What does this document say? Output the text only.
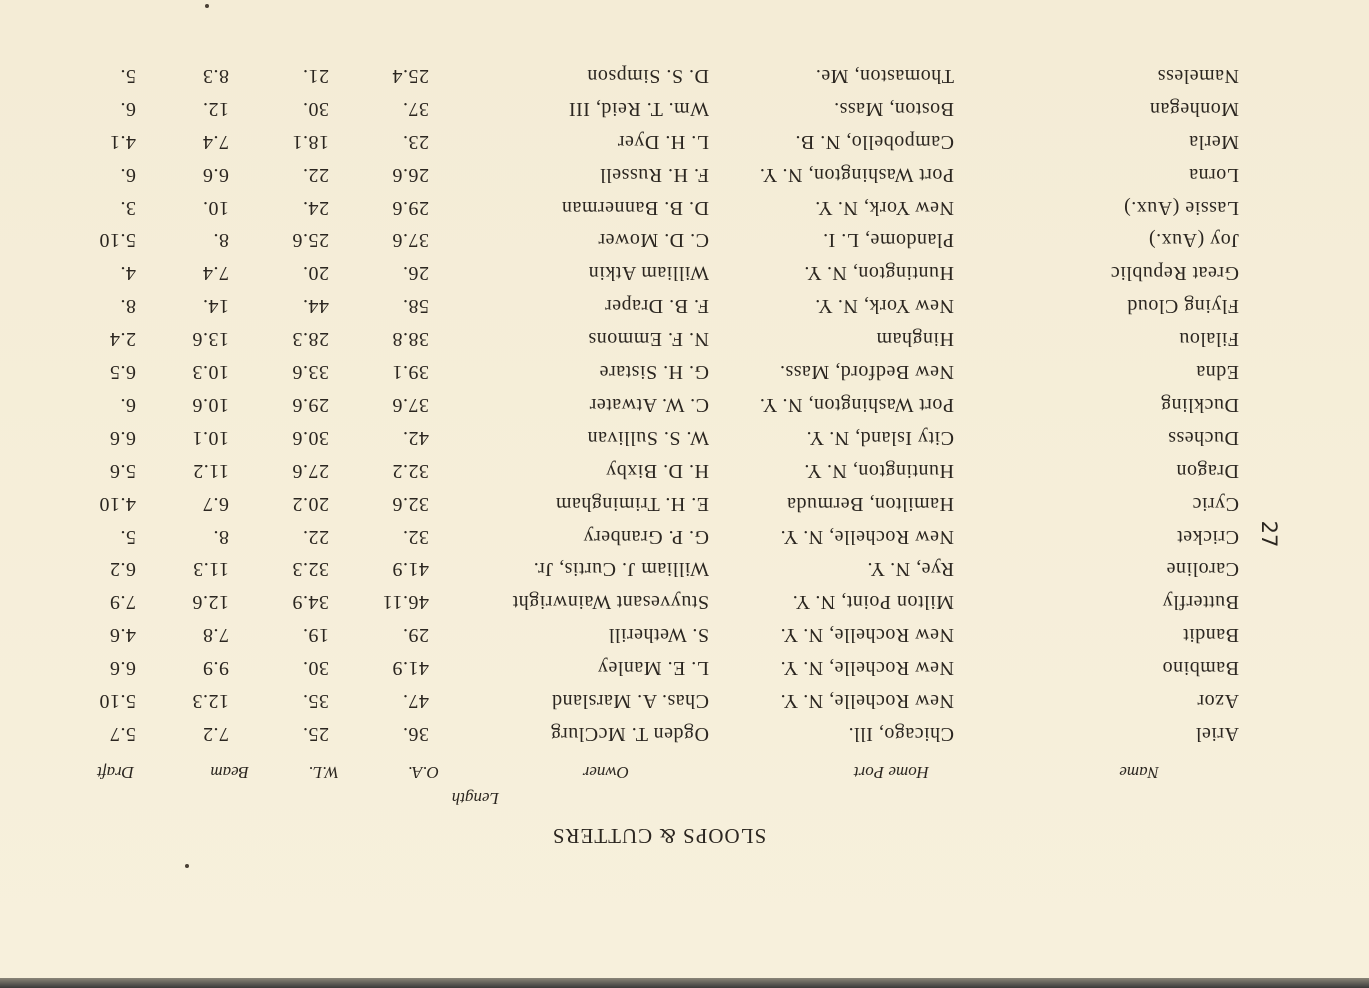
27
SLOOPS & CUTTERS
Length
Name
Home Port
Owner
O.A.
W.L.
Beam
Draft
Ariel
Chicago, Ill.
Ogden T. McClurg
36.
25.
7.2
5.7
Azor
New Rochelle, N. Y.
Chas. A. Marsland
47.
35.
12.3
5.10
Bambino
New Rochelle, N. Y.
L. E. Manley
41.9
30.
9.9
6.6
Bandit
New Rochelle, N. Y.
S. Wetherill
29.
19.
7.8
4.6
Butterfly
Milton Point, N. Y.
Stuyvesant Wainwright
46.11
34.9
12.6
7.9
Caroline
Rye, N. Y.
William J. Curtis, Jr.
41.9
32.3
11.3
6.2
Cricket
New Rochelle, N. Y.
G. P. Granbery
32.
22.
8.
5.
Cyric
Hamilton, Bermuda
E. H. Trimingham
32.6
20.2
6.7
4.10
Dragon
Huntington, N. Y.
H. D. Bixby
32.2
27.6
11.2
5.6
Duchess
City Island, N. Y.
W. S. Sullivan
42.
30.6
10.1
6.6
Duckling
Port Washington, N. Y.
C. W. Atwater
37.6
29.6
10.6
6.
Edna
New Bedford, Mass.
G. H. Sistare
39.1
33.6
10.3
6.5
Filalou
Hingham
N. F. Emmons
38.8
28.3
13.6
2.4
Flying Cloud
New York, N. Y.
F. B. Draper
58.
44.
14.
8.
Great Republic
Huntington, N. Y.
William Atkin
26.
20.
7.4
4.
Joy (Aux.)
Plandome, L. I.
C. D. Mower
37.6
25.6
8.
5.10
Lassie (Aux.)
New York, N. Y.
D. B. Bannerman
29.6
24.
10.
3.
Lorna
Port Washington, N. Y.
F. H. Russell
26.6
22.
6.6
6.
Merla
Campobello, N. B.
L. H. Dyer
23.
18.1
7.4
4.1
Monhegan
Boston, Mass.
Wm. T. Reid, III
37.
30.
12.
6.
Nameless
Thomaston, Me.
D. S. Simpson
25.4
21.
8.3
5.
